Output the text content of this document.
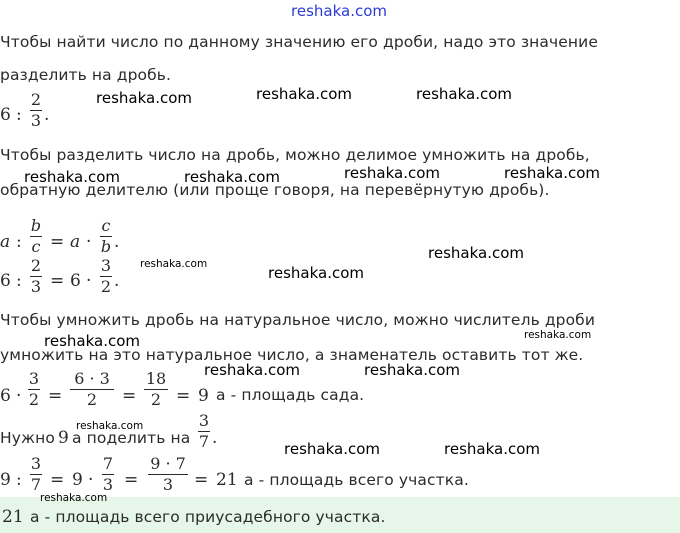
reshaka.com
Чтобы найти число по данному значению его дроби, надо это значение
разделить на дробь.
6 :
2
3 .
Чтобы разделить число на дробь, можно делимое умножить на дробь,
обратную делителю (или проще говоря, на перевёрнутую дробь).
a :
b
c = a ·
c
b .
6 :
2
3 = 6 ·
3
2 .
Чтобы умножить дробь на натуральное число, можно числитель дроби
умножить на это натуральное число, а знаменатель оставить тот же.
6 ·
3
2 =
6 · 3
2	=
18
2 = 9 а - площадь сада.
Нужно 9 а поделить на
3
7 .
9 :
3
7 = 9 ·
7
3 =
9 · 7
3	= 21 а - площадь всего участка.
21 а - площадь всего приусадебного участка.
reshaka.com	reshaka.com	reshaka.com
reshaka.com	reshaka.com	reshaka.com	reshaka.com
reshaka.com
reshaka.com	reshaka.com
reshaka.com
reshaka.com
reshaka.com	reshaka.com
reshaka.com
reshaka.com	reshaka.com
reshaka.com
